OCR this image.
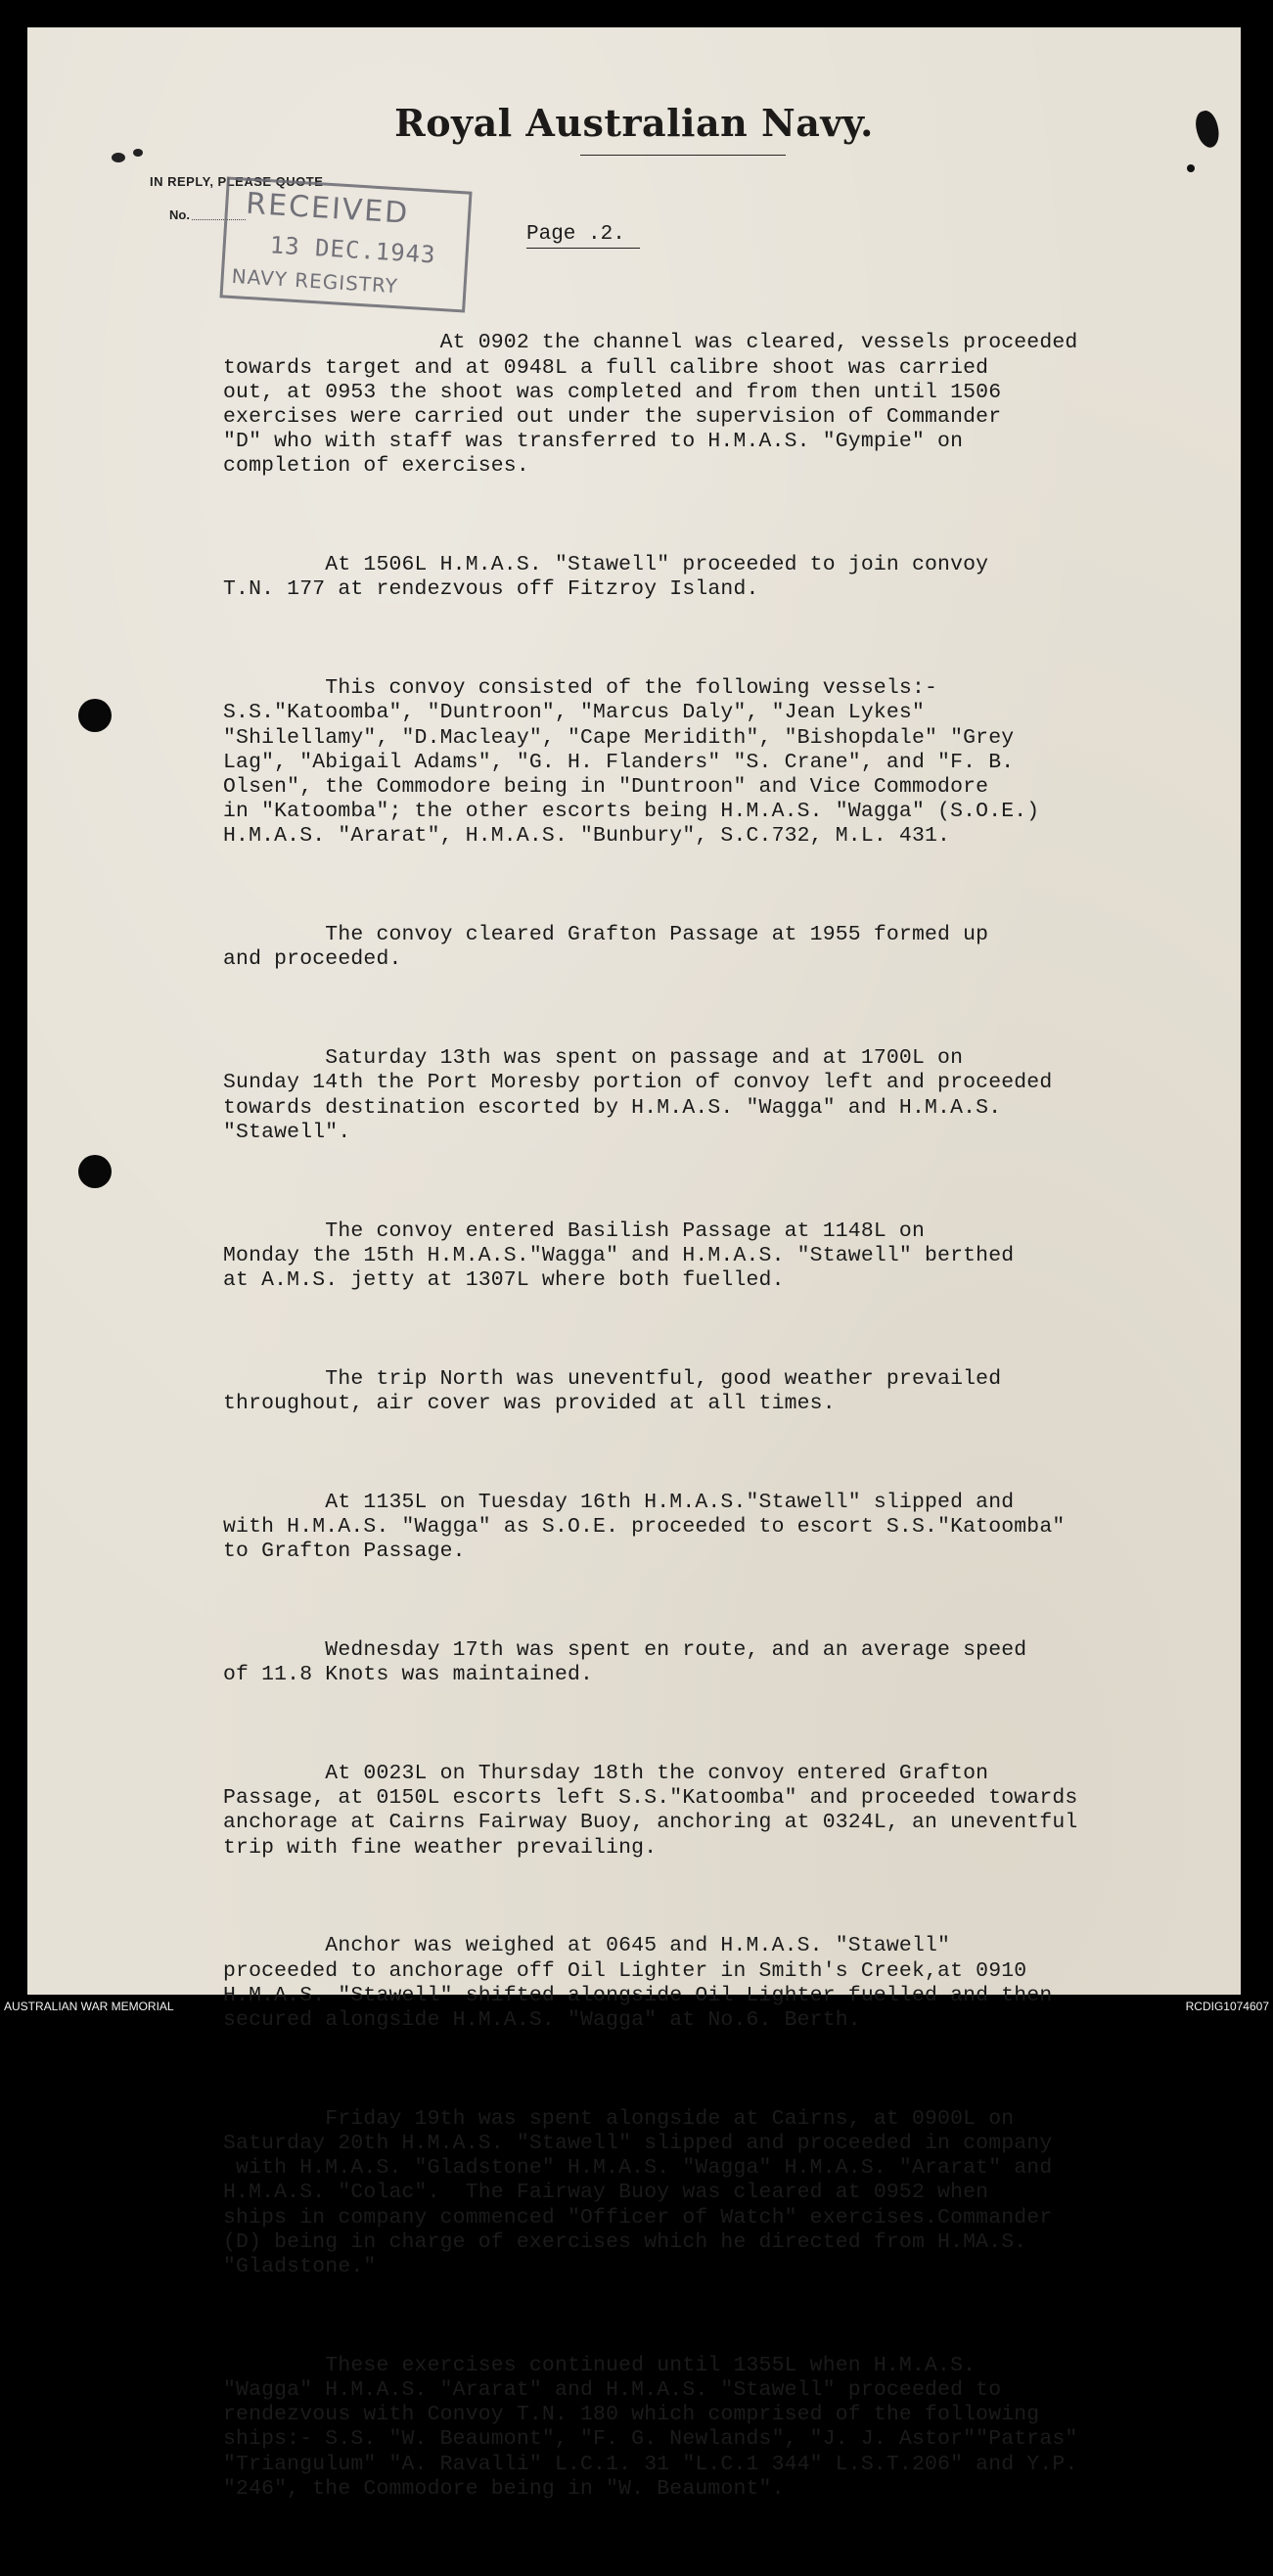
Royal Australian Navy.
IN REPLY, PLEASE QUOTE
No. RECEIVED
13 DEC.1943
NAVY REGISTRY
Page .2.

At 0902 the channel was cleared, vessels proceeded
towards target and at 0948L a full calibre shoot was carried
out, at 0953 the shoot was completed and from then until 1506
exercises were carried out under the supervision of Commander
"D" who with staff was transferred to H.M.A.S. "Gympie" on
completion of exercises.

At 1506L H.M.A.S. "Stawell" proceeded to join convoy
T.N. 177 at rendezvous off Fitzroy Island.

This convoy consisted of the following vessels:-
S.S."Katoomba", "Duntroon", "Marcus Daly", "Jean Lykes"
"Shilellamy", "D.Macleay", "Cape Meridith", "Bishopdale" "Grey
Lag", "Abigail Adams", "G. H. Flanders" "S. Crane", and "F. B.
Olsen", the Commodore being in "Duntroon" and Vice Commodore
in "Katoomba"; the other escorts being H.M.A.S. "Wagga" (S.O.E.)
H.M.A.S. "Ararat", H.M.A.S. "Bunbury", S.C.732, M.L. 431.

The convoy cleared Grafton Passage at 1955 formed up
and proceeded.

Saturday 13th was spent on passage and at 1700L on
Sunday 14th the Port Moresby portion of convoy left and proceeded
towards destination escorted by H.M.A.S. "Wagga" and H.M.A.S.
"Stawell".

The convoy entered Basilish Passage at 1148L on
Monday the 15th H.M.A.S."Wagga" and H.M.A.S. "Stawell" berthed
at A.M.S. jetty at 1307L where both fuelled.

The trip North was uneventful, good weather prevailed
throughout, air cover was provided at all times.

At 1135L on Tuesday 16th H.M.A.S."Stawell" slipped and
with H.M.A.S. "Wagga" as S.O.E. proceeded to escort S.S."Katoomba"
to Grafton Passage.

Wednesday 17th was spent en route, and an average speed
of 11.8 Knots was maintained.

At 0023L on Thursday 18th the convoy entered Grafton
Passage, at 0150L escorts left S.S."Katoomba" and proceeded towards
anchorage at Cairns Fairway Buoy, anchoring at 0324L, an uneventful
trip with fine weather prevailing.

Anchor was weighed at 0645 and H.M.A.S. "Stawell"
proceeded to anchorage off Oil Lighter in Smith's Creek,at 0910
H.M.A.S. "Stawell" shifted alongside Oil Lighter fuelled and then
secured alongside H.M.A.S. "Wagga" at No.6. Berth.

Friday 19th was spent alongside at Cairns, at 0900L on
Saturday 20th H.M.A.S. "Stawell" slipped and proceeded in company
with H.M.A.S. "Gladstone" H.M.A.S. "Wagga" H.M.A.S. "Ararat" and
H.M.A.S. "Colac".  The Fairway Buoy was cleared at 0952 when
ships in company commenced "Officer of Watch" exercises.Commander
(D) being in charge of exercises which he directed from H.MA.S.
"Gladstone."

These exercises continued until 1355L when H.M.A.S.
"Wagga" H.M.A.S. "Ararat" and H.M.A.S. "Stawell" proceeded to
rendezvous with Convoy T.N. 180 which comprised of the following
ships:- S.S. "W. Beaumont", "F. G. Newlands", "J. J. Astor""Patras"
"Triangulum" "A. Ravalli" L.C.1. 31 "L.C.1 344" L.S.T.206" and Y.P.
"246", the Commodore being in "W. Beaumont".

AUSTRALIAN WAR MEMORIAL	RCDIG1074607
